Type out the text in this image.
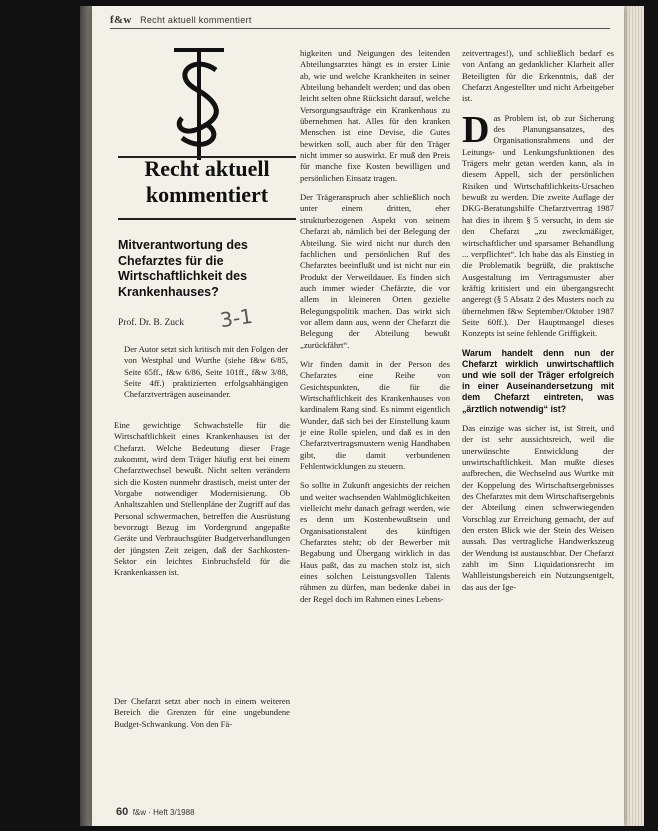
f&w Recht aktuell kommentiert
Recht aktuell
kommentiert
Mitverantwortung des Chefarztes für die Wirtschaftlichkeit des Krankenhauses?
Prof. Dr. B. Zuck 3-1

Der Autor setzt sich kritisch mit den Folgen der von Westphal und Wurthe (siehe f&w 6/85, Seite 65ff., f&w 6/86, Seite 101ff., f&w 3/88, Seite 4ff.) praktizierten erfolgsabhängigen Chefarztverträgen auseinander.

Eine gewichtige Schwachstelle für die Wirtschaftlichkeit eines Krankenhauses ist der Chefarzt. Welche Bedeutung dieser Frage zukommt, wird dem Träger häufig erst bei einem Chefarztwechsel bewußt. Nicht selten verändern sich die Kosten nunmehr drastisch, meist unter der Vorgabe notwendiger Modernisierung. Ob Anhaltszahlen und Stellenpläne der Zugriff auf das Personal schwermachen, betreffen die Ausrüstung bevorzugt Bezug im Vordergrund angepaßte Geräte und Verbrauchsgüter Budgetverhandlungen der jüngsten Zeit zeigen, daß der Sachkosten-Sektor ein leichtes Einbruchsfeld für die Krankenkassen ist.

Der Chefarzt setzt aber noch in einem weiteren Bereich die Grenzen für eine ungebundene Budget-Schwankung. Von den Fä-

higkeiten und Neigungen des leitenden Abteilungsarztes hängt es in erster Linie ab, wie und welche Krankheiten in seiner Abteilung behandelt werden; und das oben leicht selten ohne Rücksicht darauf, welche Versorgungsaufträge ein Krankenhaus zu übernehmen hat. Alles für den kranken Menschen ist eine Devise, die Gutes bewirken soll, auch aber für den Träger nicht immer so auswirkt. Er muß den Preis für manche fixe Kosten bewilligen und persönlichen Einsatz tragen.

Der Trägeranspruch aber schließlich noch unter einem dritten, eher strukturbezogenen Aspekt von seinem Chefarzt ab, nämlich bei der Belegung der Abteilung. Sie wird nicht nur durch den fachlichen und persönlichen Ruf des Chefarztes beeinflußt und ist nicht nur ein Produkt der Verweildauer. Es finden sich auch immer wieder Chefärzte, die vor allem in kleineren Orten gezielte Belegungspolitik machen. Das wirkt sich vor allem dann aus, wenn der Chefarzt die Belegung der Abteilung bewußt „zurückfährt“.

Wir finden damit in der Person des Chefarztes eine Reihe von Gesichtspunkten, die für die Wirtschaftlichkeit des Krankenhauses von kardinalem Rang sind. Es nimmt eigentlich Wunder, daß sich bei der Einstellung kaum je eine Rolle spielen, und daß es in den Chefarztvertragsmustern wenig Handhaben gibt, die damit verbundenen Fehlentwicklungen zu steuern.

So sollte in Zukunft angesichts der reichen und weiter wachsenden Wahlmöglichkeiten vielleicht mehr danach gefragt werden, wie es denn um Kostenbewußtsein und Organisationstalent des künftigen Chefarztes steht; ob der Bewerber mit Begabung und Übergang wirklich in das Haus paßt, das zu machen stolz ist, sich eines solchen Leistungsvollen Talents rühmen zu dürfen, man bedenke dabei in der Regel doch im Rahmen eines Lebens-

zeitvertrages!), und schließlich bedarf es von Anfang an gedanklicher Klarheit aller Beteiligten für die Erkenntnis, daß der Chefarzt Angestellter und nicht Arbeitgeber ist.

Das Problem ist, ob zur Sicherung des Planungsansatzes, des Organisationsrahmens und der Leitungs- und Lenkungsfunktionen des Trägers mehr getan werden kann, als in diesem Appell, sich der persönlichen Risiken und Wirtschaftlichkeits-Ursachen bewußt zu werden. Die zweite Auflage der DKG-Beratungshilfe Chefarztvertrag 1987 hat dies in ihrem § 5 versucht, in dem sie den Chefarzt „zu zweckmäßiger, wirtschaftlicher und sparsamer Behandlung ... verpflichtet“. Ich habe das als Einstieg in die Problematik begrüßt, die praktische Ausgestaltung im Vertragsmuster aber kräftig kritisiert und ein übergangsrecht angeregt (§ 5 Absatz 2 des Musters noch zu übernehmen f&w September/Oktober 1987 Seite 60ff.). Der Hauptmangel dieses Konzepts ist seine fehlende Griffigkeit.

Warum handelt denn nun der Chefarzt wirklich unwirtschaftlich und wie soll der Träger erfolgreich in einer Auseinandersetzung mit dem Chefarzt eintreten, was „ärztlich notwendig“ ist?

Das einzige was sicher ist, ist Streit, und der ist sehr aussichtsreich, weil die unerwünschte Entwicklung der unwirtschaftlichkeit. Man mußte dieses aufbrechen, die Wechselnd aus Wurtke mit der Koppelung des Wirtschaftsergebnisses des Chefarztes mit dem Wirtschaftsergebnis der Abteilung einen schwerwiegenden Vorschlag zur Erreichung gemacht, der auf den ersten Blick wie der Stein des Weisen aussah. Das vertragliche Handwerkszeug der Wendung ist austauschbar. Der Chefarzt zahlt im Sinn Liquidationsrecht im Wahlleistungsbereich ein Nutzungsentgelt, das aus der Ige-

60 f&w · Heft 3/1988
